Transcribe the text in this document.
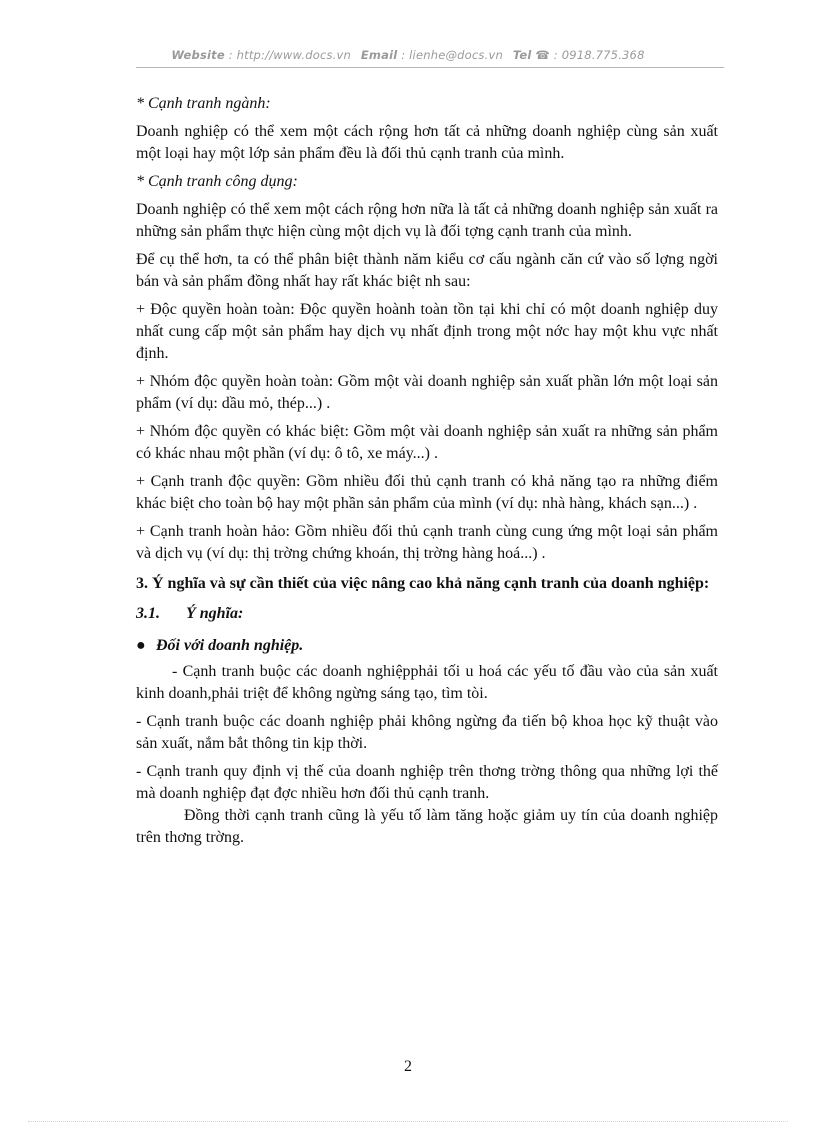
Website : http://www.docs.vn Email : lienhe@docs.vn Tel ☎ : 0918.775.368

* Cạnh tranh ngành:

Doanh nghiệp có thể xem một cách rộng hơn tất cả những doanh nghiệp cùng sản xuất một loại hay một lớp sản phẩm đều là đối thủ cạnh tranh của mình.

* Cạnh tranh công dụng:

Doanh nghiệp có thể xem một cách rộng hơn nữa là tất cả những doanh nghiệp sản xuất ra những sản phẩm thực hiện cùng một dịch vụ là đối tợng cạnh tranh của mình.

Để cụ thể hơn, ta có thể phân biệt thành năm kiểu cơ cấu ngành căn cứ vào số lợng ngời bán và sản phẩm đồng nhất hay rất khác biệt nh sau:

+ Độc quyền hoàn toàn: Độc quyền hoành toàn tồn tại khi chỉ có một doanh nghiệp duy nhất cung cấp một sản phẩm hay dịch vụ nhất định trong một nớc hay một khu vực nhất định.

+ Nhóm độc quyền hoàn toàn: Gồm một vài doanh nghiệp sản xuất phần lớn một loại sản phẩm (ví dụ: dầu mỏ, thép...) .

+ Nhóm độc quyền có khác biệt: Gồm một vài doanh nghiệp sản xuất ra những sản phẩm có khác nhau một phần (ví dụ: ô tô, xe máy...) .

+ Cạnh tranh độc quyền: Gồm nhiều đối thủ cạnh tranh có khả năng tạo ra những điểm khác biệt cho toàn bộ hay một phần sản phẩm của mình (ví dụ: nhà hàng, khách sạn...) .

+ Cạnh tranh hoàn hảo: Gồm nhiều đối thủ cạnh tranh cùng cung ứng một loại sản phẩm và dịch vụ (ví dụ: thị trờng chứng khoán, thị trờng hàng hoá...) .

3. Ý nghĩa và sự cần thiết của việc nâng cao khả năng cạnh tranh của doanh nghiệp:

3.1. Ý nghĩa:
● Đối với doanh nghiệp.

- Cạnh tranh buộc các doanh nghiệpphải tối u hoá các yếu tố đầu vào của sản xuất kinh doanh,phải triệt để không ngừng sáng tạo, tìm tòi.

- Cạnh tranh buộc các doanh nghiệp phải không ngừng đa tiến bộ khoa học kỹ thuật vào sản xuất, nắm bắt thông tin kịp thời.

- Cạnh tranh quy định vị thế của doanh nghiệp trên thơng trờng thông qua những lợi thế mà doanh nghiệp đạt đợc nhiều hơn đối thủ cạnh tranh.

Đồng thời cạnh tranh cũng là yếu tố làm tăng hoặc giảm uy tín của doanh nghiệp trên thơng trờng.

2
